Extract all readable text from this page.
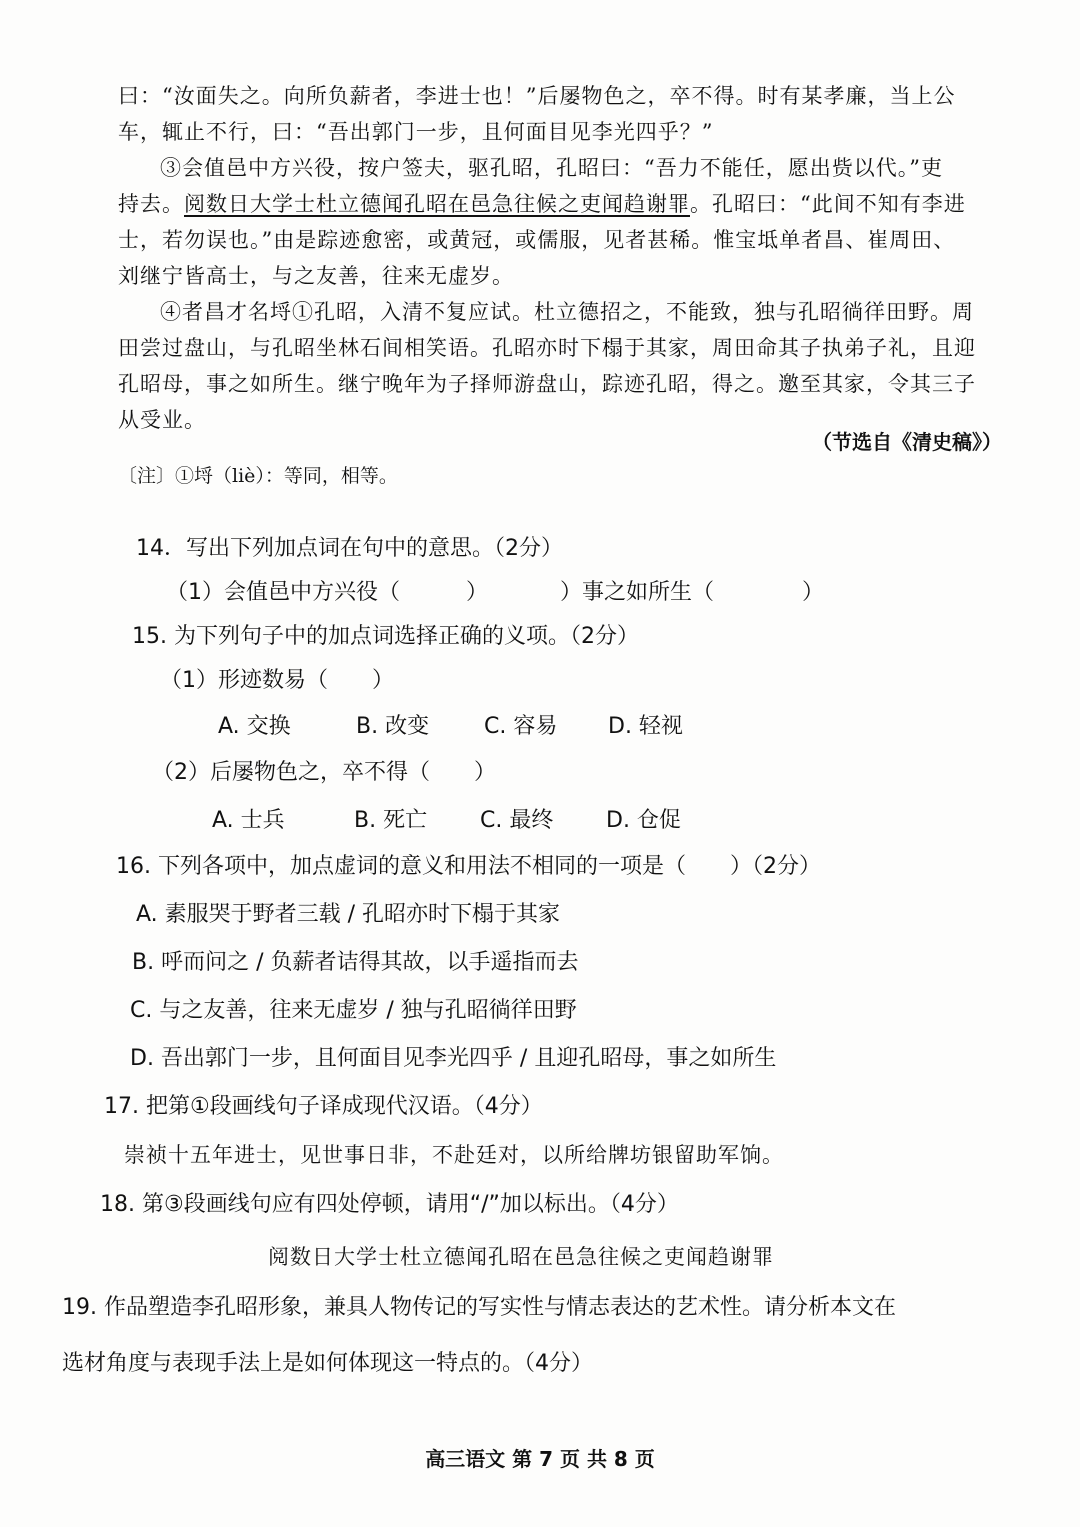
曰：“汝面失之。向所负薪者，李进士也！”后屡物色之，卒不得。时有某孝廉，当上公

车，辄止不行，曰：“吾出郭门一步，且何面目见李光四乎？”

③会值邑中方兴役，按户签夫，驱孔昭，孔昭曰：“吾力不能任，愿出赀以代。”吏

持去。阅数日大学士杜立德闻孔昭在邑急往候之吏闻趋谢罪。孔昭曰：“此间不知有李进

士，若勿误也。”由是踪迹愈密，或黄冠，或儒服，见者甚稀。惟宝坻单者昌、崔周田、

刘继宁皆高士，与之友善，往来无虚岁。

④者昌才名埒①孔昭，入清不复应试。杜立德招之，不能致，独与孔昭徜徉田野。周

田尝过盘山，与孔昭坐林石间相笑语。孔昭亦时下榻于其家，周田命其子执弟子礼，且迎

孔昭母，事之如所生。继宁晚年为子择师游盘山，踪迹孔昭，得之。邀至其家，令其三子

从受业。

（节选自《清史稿》）
〔注〕①埒（liè）：等同，相等。
14．写出下列加点词在句中的意思。（2分）
（1）会值邑中方兴役（　　　）	）事之如所生（　　　　）
15. 为下列句子中的加点词选择正确的义项。（2分）
（1）形迹数易（　　）
A. 交换	B. 改变 C. 容易 D. 轻视
（2）后屡物色之，卒不得（　　）
A. 士兵	B. 死亡 C. 最终 D. 仓促
16. 下列各项中，加点虚词的意义和用法不相同的一项是（　　）（2分）
A. 素服哭于野者三载 / 孔昭亦时下榻于其家
B. 呼而问之 / 负薪者诘得其故，以手遥指而去
C. 与之友善，往来无虚岁 / 独与孔昭徜徉田野
D. 吾出郭门一步，且何面目见李光四乎 / 且迎孔昭母，事之如所生
17. 把第①段画线句子译成现代汉语。（4分）
崇祯十五年进士，见世事日非，不赴廷对，以所给牌坊银留助军饷。
18. 第③段画线句应有四处停顿，请用“/”加以标出。（4分）
阅数日大学士杜立德闻孔昭在邑急往候之吏闻趋谢罪
19. 作品塑造李孔昭形象，兼具人物传记的写实性与情志表达的艺术性。请分析本文在
选材角度与表现手法上是如何体现这一特点的。（4分）
高三语文 第 7 页 共 8 页
